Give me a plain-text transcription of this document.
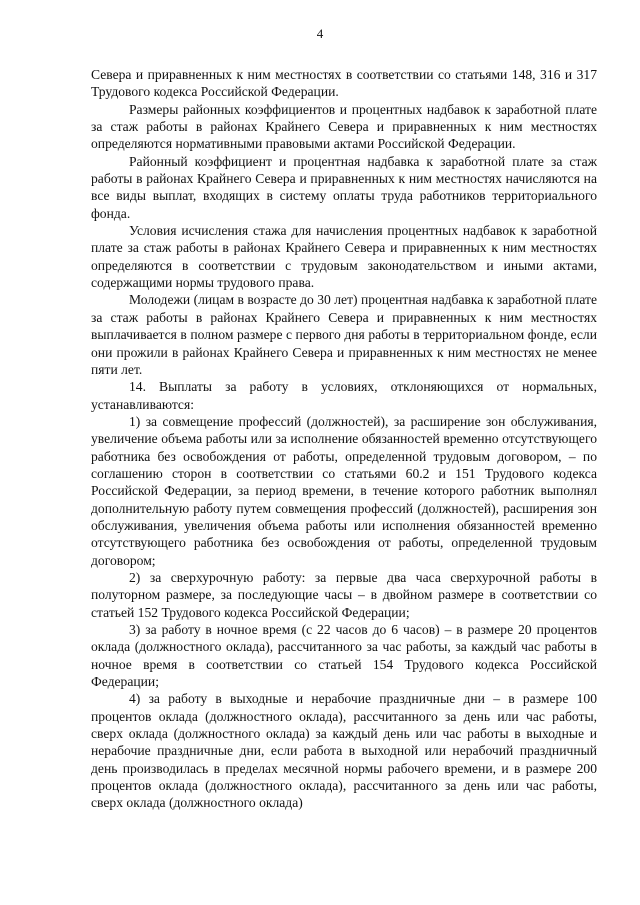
4

Севера и приравненных к ним местностях в соответствии со статьями 148, 316 и 317 Трудового кодекса Российской Федерации.

Размеры районных коэффициентов и процентных надбавок к заработной плате за стаж работы в районах Крайнего Севера и приравненных к ним местностях определяются нормативными правовыми актами Российской Федерации.

Районный коэффициент и процентная надбавка к заработной плате за стаж работы в районах Крайнего Севера и приравненных к ним местностях начисляются на все виды выплат, входящих в систему оплаты труда работников территориального фонда.

Условия исчисления стажа для начисления процентных надбавок к заработной плате за стаж работы в районах Крайнего Севера и приравненных к ним местностях определяются в соответствии с трудовым законодательством и иными актами, содержащими нормы трудового права.

Молодежи (лицам в возрасте до 30 лет) процентная надбавка к заработной плате за стаж работы в районах Крайнего Севера и приравненных к ним местностях выплачивается в полном размере с первого дня работы в территориальном фонде, если они прожили в районах Крайнего Севера и приравненных к ним местностях не менее пяти лет.

14. Выплаты за работу в условиях, отклоняющихся от нормальных, устанавливаются:

1) за совмещение профессий (должностей), за расширение зон обслуживания, увеличение объема работы или за исполнение обязанностей временно отсутствующего работника без освобождения от работы, определенной трудовым договором, – по соглашению сторон в соответствии со статьями 60.2 и 151 Трудового кодекса Российской Федерации, за период времени, в течение которого работник выполнял дополнительную работу путем совмещения профессий (должностей), расширения зон обслуживания, увеличения объема работы или исполнения обязанностей временно отсутствующего работника без освобождения от работы, определенной трудовым договором;

2) за сверхурочную работу: за первые два часа сверхурочной работы в полуторном размере, за последующие часы – в двойном размере в соответствии со статьей 152 Трудового кодекса Российской Федерации;

3) за работу в ночное время (с 22 часов до 6 часов) – в размере 20 процентов оклада (должностного оклада), рассчитанного за час работы, за каждый час работы в ночное время в соответствии со статьей 154 Трудового кодекса Российской Федерации;

4) за работу в выходные и нерабочие праздничные дни – в размере 100 процентов оклада (должностного оклада), рассчитанного за день или час работы, сверх оклада (должностного оклада) за каждый день или час работы в выходные и нерабочие праздничные дни, если работа в выходной или нерабочий праздничный день производилась в пределах месячной нормы рабочего времени, и в размере 200 процентов оклада (должностного оклада), рассчитанного за день или час работы, сверх оклада (должностного оклада)
